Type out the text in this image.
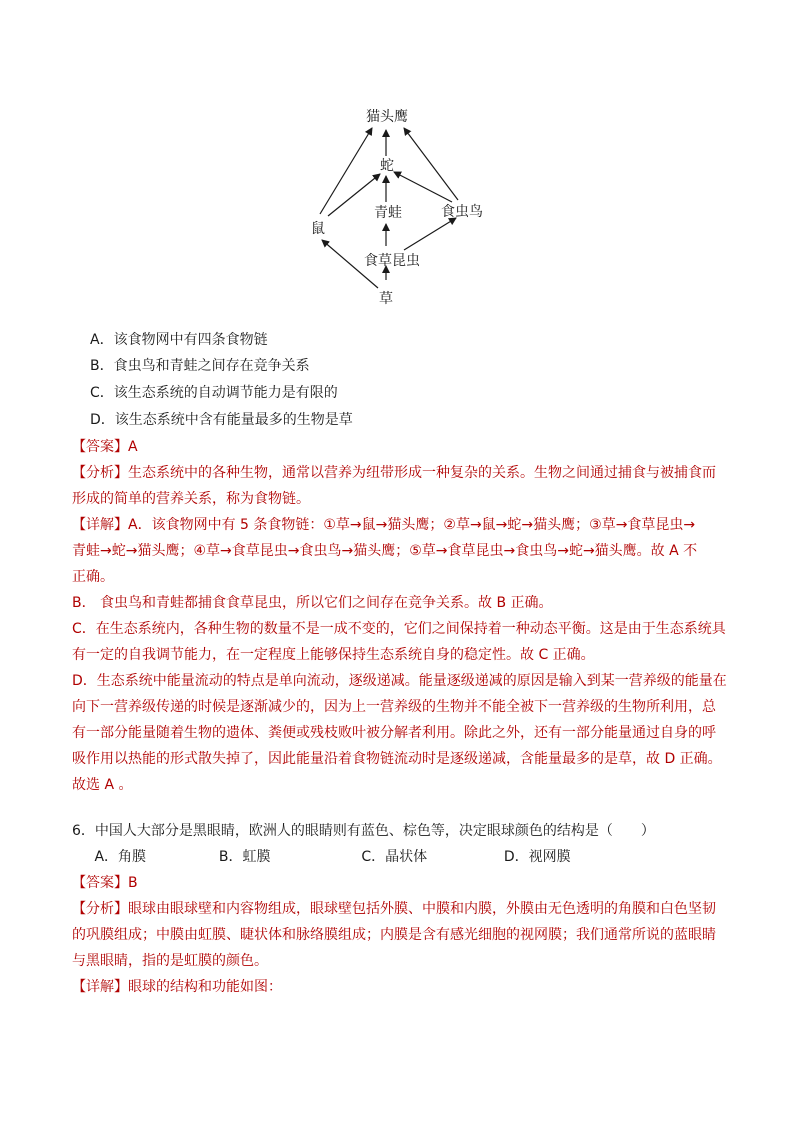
猫头鹰
蛇
青蛙	食虫鸟
鼠
食草昆虫
草
A．该食物网中有四条食物链
B．食虫鸟和青蛙之间存在竞争关系
C．该生态系统的自动调节能力是有限的
D．该生态系统中含有能量最多的生物是草
【答案】A
【分析】生态系统中的各种生物，通常以营养为纽带形成一种复杂的关系。生物之间通过捕食与被捕食而
形成的简单的营养关系，称为食物链。
【详解】A．该食物网中有 5 条食物链：①草→鼠→猫头鹰；②草→鼠→蛇→猫头鹰；③草→食草昆虫→
青蛙→蛇→猫头鹰；④草→食草昆虫→食虫鸟→猫头鹰；⑤草→食草昆虫→食虫鸟→蛇→猫头鹰。故 A 不
正确。
B． 食虫鸟和青蛙都捕食食草昆虫，所以它们之间存在竞争关系。故 B 正确。
C．在生态系统内，各种生物的数量不是一成不变的，它们之间保持着一种动态平衡。这是由于生态系统具
有一定的自我调节能力，在一定程度上能够保持生态系统自身的稳定性。故 C 正确。
D．生态系统中能量流动的特点是单向流动，逐级递减。能量逐级递减的原因是输入到某一营养级的能量在
向下一营养级传递的时候是逐渐减少的，因为上一营养级的生物并不能全被下一营养级的生物所利用，总
有一部分能量随着生物的遗体、粪便或残枝败叶被分解者利用。除此之外，还有一部分能量通过自身的呼
吸作用以热能的形式散失掉了，因此能量沿着食物链流动时是逐级递减，含能量最多的是草，故 D 正确。
故选 A 。
6．中国人大部分是黑眼睛，欧洲人的眼睛则有蓝色、棕色等，决定眼球颜色的结构是（　　）
A．角膜	B．虹膜	C．晶状体	D．视网膜
【答案】B
【分析】眼球由眼球壁和内容物组成，眼球壁包括外膜、中膜和内膜，外膜由无色透明的角膜和白色坚韧
的巩膜组成；中膜由虹膜、睫状体和脉络膜组成；内膜是含有感光细胞的视网膜；我们通常所说的蓝眼睛
与黑眼睛，指的是虹膜的颜色。
【详解】眼球的结构和功能如图：
